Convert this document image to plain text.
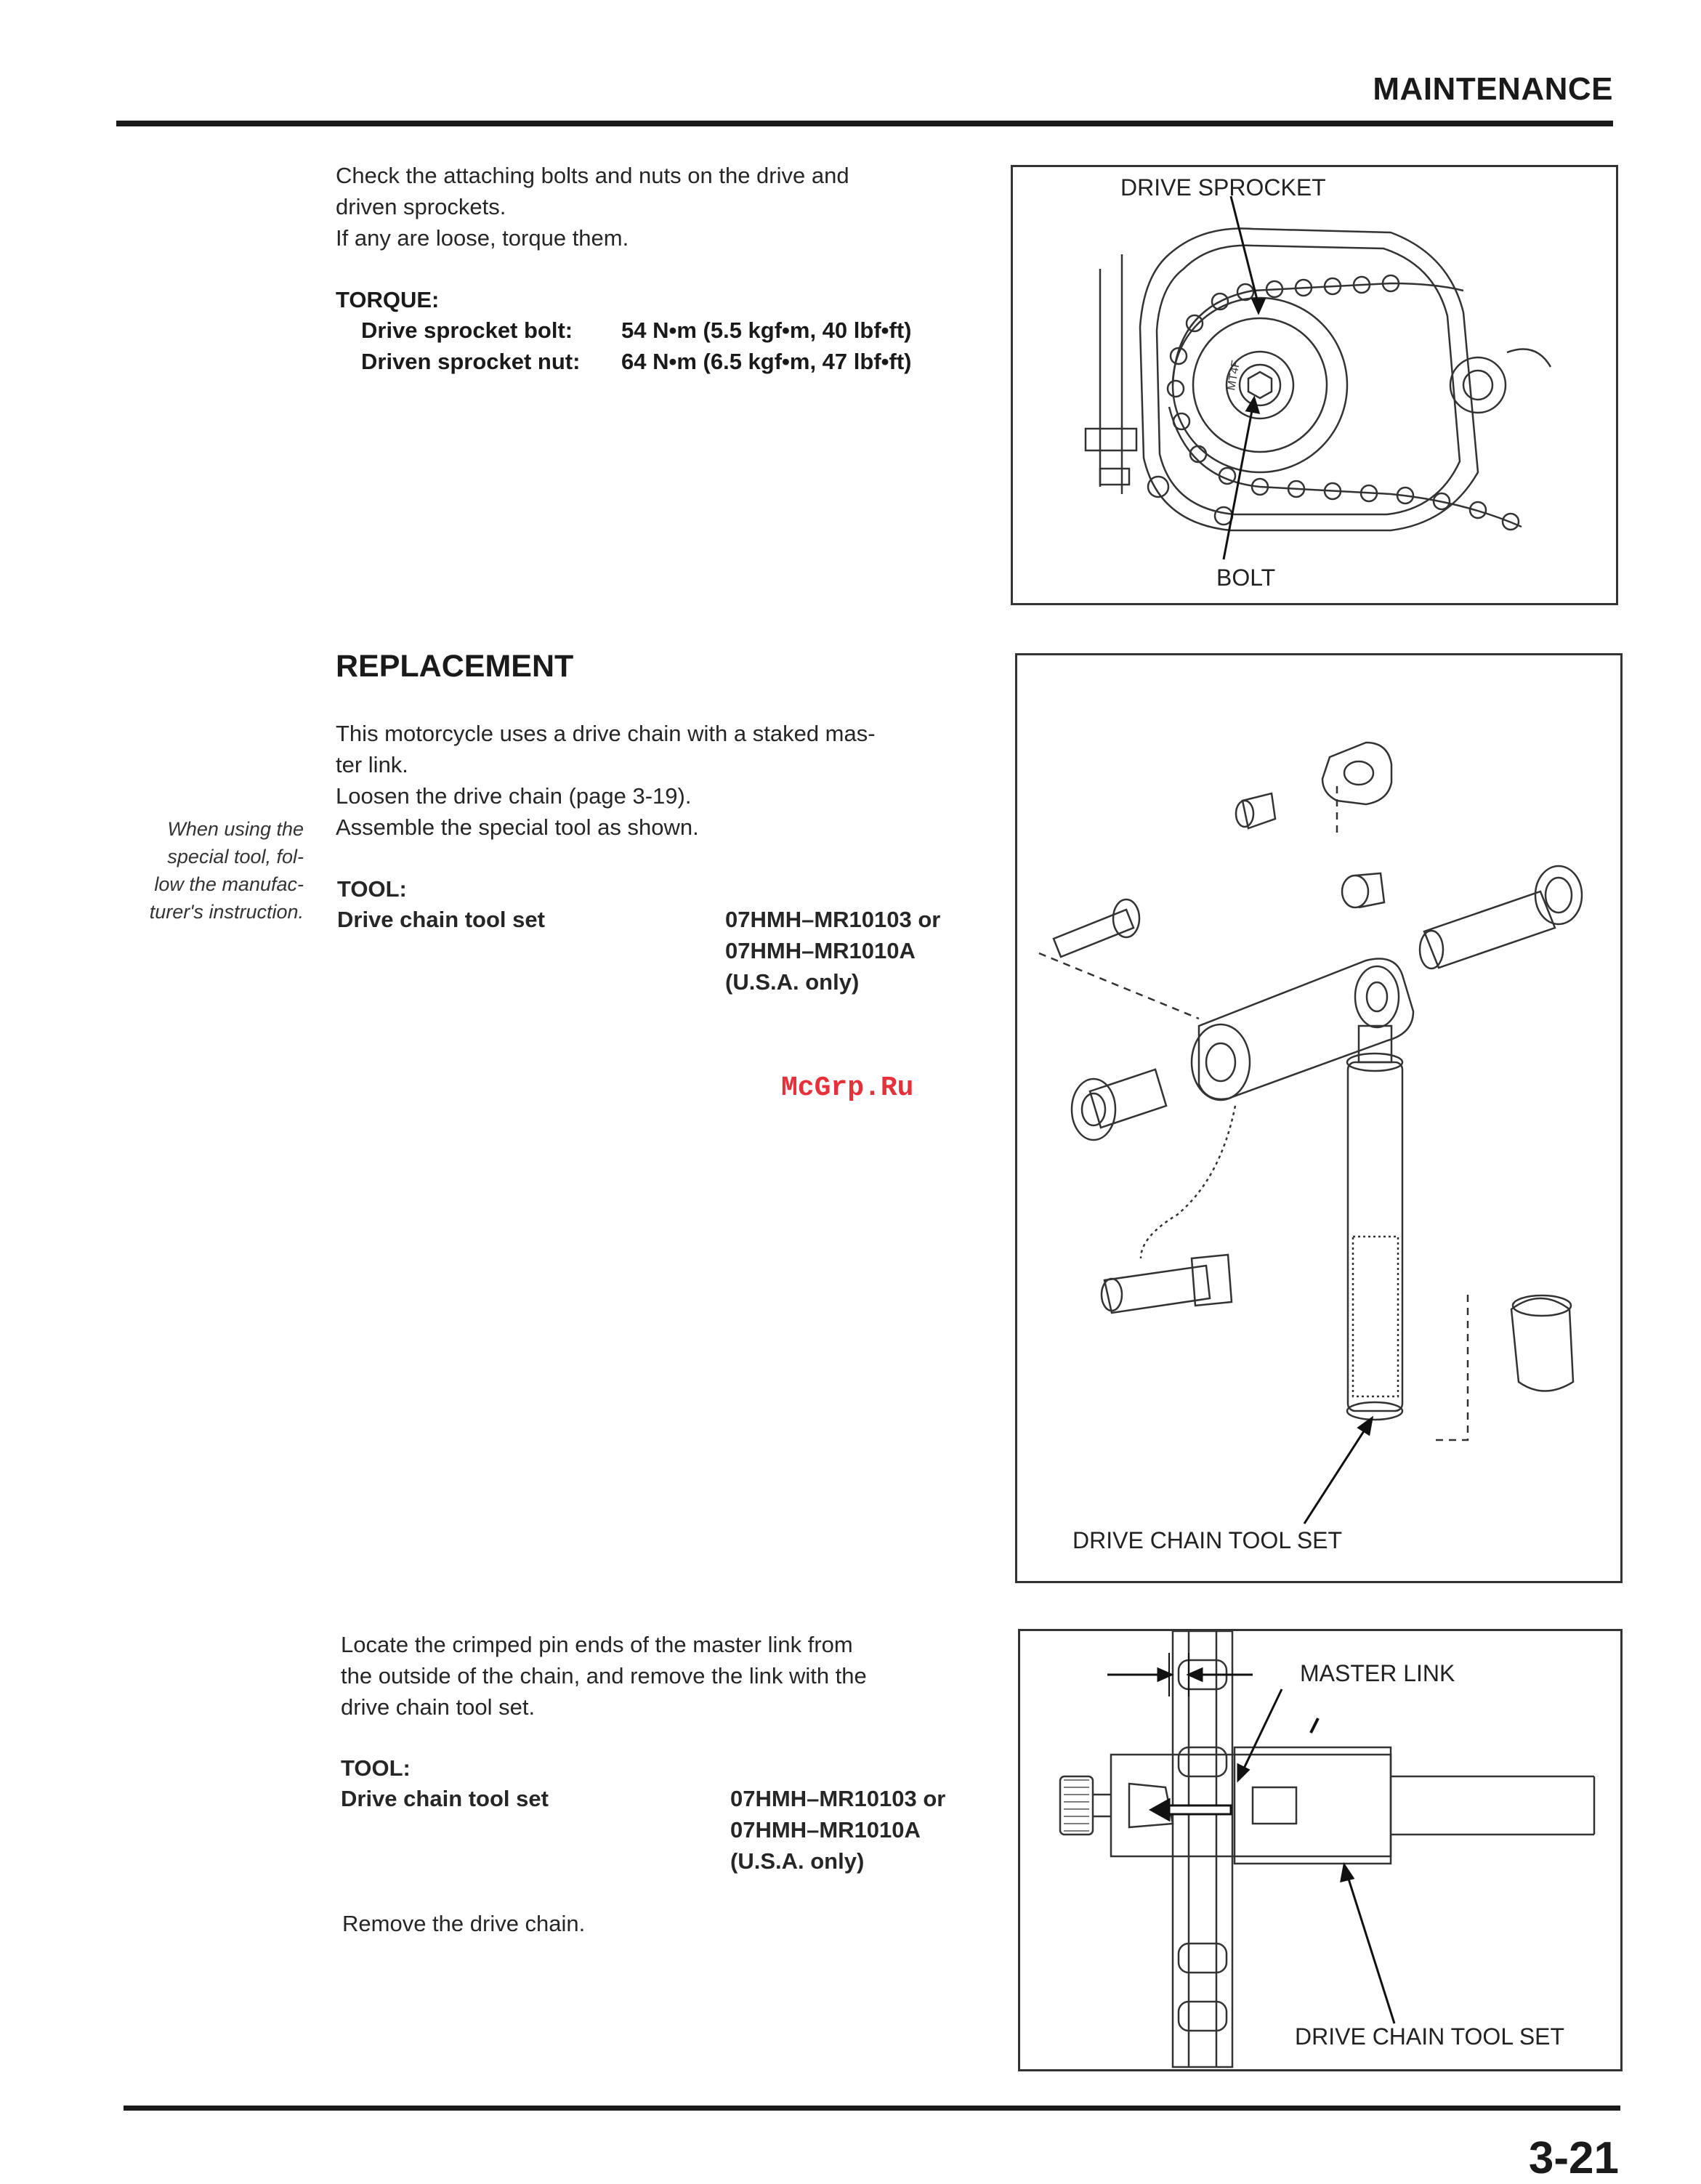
MAINTENANCE

Check the attaching bolts and nuts on the drive and

driven sprockets.

If any are loose, torque them.

TORQUE:
Drive sprocket bolt: 54 N•m (5.5 kgf•m, 40 lbf•ft)
Driven sprocket nut: 64 N•m (6.5 kgf•m, 47 lbf•ft)	MT4F
DRIVE SPROCKET
BOLT
REPLACEMENT

This motorcycle uses a drive chain with a staked mas-

ter link.

Loosen the drive chain (page 3-19).

Assemble the special tool as shown.

When using the
special tool, fol-
low the manufac-
turer's instruction.
TOOL:
Drive chain tool set	07HMH–MR10103 or

07HMH–MR1010A

(U.S.A. only)

McGrp.Ru
DRIVE CHAIN TOOL SET

Locate the crimped pin ends of the master link from

the outside of the chain, and remove the link with the

drive chain tool set.

TOOL:
Drive chain tool set	07HMH–MR10103 or

07HMH–MR1010A

(U.S.A. only)

Remove the drive chain.
MASTER LINK
DRIVE CHAIN TOOL SET
3-21
